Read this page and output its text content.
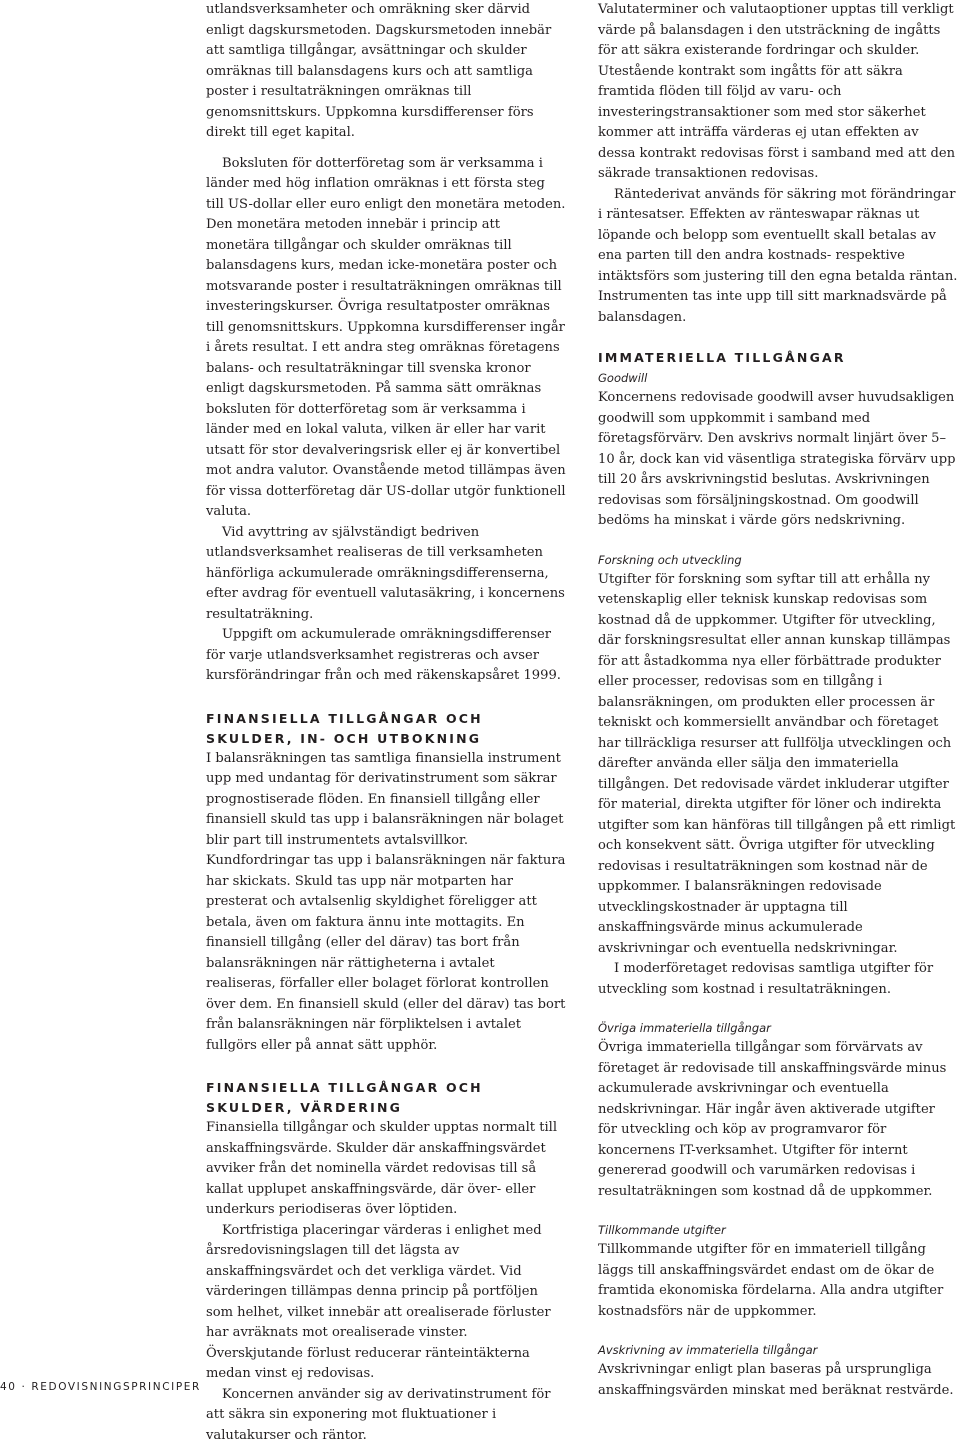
utlandsverksamheter och omräkning sker därvid enligt dagskursmetoden. Dagskursmetoden innebär att samtliga tillgångar, avsättningar och skulder omräknas till balansdagens kurs och att samtliga poster i resultaträkningen omräknas till genomsnittskurs. Uppkomna kursdifferenser förs direkt till eget kapital.

Boksluten för dotterföretag som är verksamma i länder med hög inflation omräknas i ett första steg till US-dollar eller euro enligt den monetära metoden. Den monetära metoden innebär i princip att monetära tillgångar och skulder omräknas till balansdagens kurs, medan icke-monetära poster och motsvarande poster i resultaträkningen omräknas till investeringskurser. Övriga resultatposter omräknas till genomsnittskurs. Uppkomna kursdifferenser ingår i årets resultat. I ett andra steg omräknas företagens balans- och resultaträkningar till svenska kronor enligt dagskursmetoden. På samma sätt omräknas boksluten för dotterföretag som är verksamma i länder med en lokal valuta, vilken är eller har varit utsatt för stor devalveringsrisk eller ej är konvertibel mot andra valutor. Ovanstående metod tillämpas även för vissa dotterföretag där US-dollar utgör funktionell valuta.

Vid avyttring av självständigt bedriven utlandsverksamhet realiseras de till verksamheten hänförliga ackumulerade omräkningsdifferenserna, efter avdrag för eventuell valutasäkring, i koncernens resultaträkning.

Uppgift om ackumulerade omräkningsdifferenser för varje utlandsverksamhet registreras och avser kursförändringar från och med räkenskapsåret 1999.

FINANSIELLA TILLGÅNGAR OCH SKULDER, IN- OCH UTBOKNING

I balansräkningen tas samtliga finansiella instrument upp med undantag för derivatinstrument som säkrar prognostiserade flöden. En finansiell tillgång eller finansiell skuld tas upp i balansräkningen när bolaget blir part till instrumentets avtalsvillkor. Kundfordringar tas upp i balansräkningen när faktura har skickats. Skuld tas upp när motparten har presterat och avtalsenlig skyldighet föreligger att betala, även om faktura ännu inte mottagits. En finansiell tillgång (eller del därav) tas bort från balansräkningen när rättigheterna i avtalet realiseras, förfaller eller bolaget förlorat kontrollen över dem. En finansiell skuld (eller del därav) tas bort från balansräkningen när förpliktelsen i avtalet fullgörs eller på annat sätt upphör.

FINANSIELLA TILLGÅNGAR OCH SKULDER, VÄRDERING

Finansiella tillgångar och skulder upptas normalt till anskaffningsvärde. Skulder där anskaffningsvärdet avviker från det nominella värdet redovisas till så kallat upplupet anskaffningsvärde, där över- eller underkurs periodiseras över löptiden.

Kortfristiga placeringar värderas i enlighet med årsredovisningslagen till det lägsta av anskaffningsvärdet och det verkliga värdet. Vid värderingen tillämpas denna princip på portföljen som helhet, vilket innebär att orealiserade förluster har avräknats mot orealiserade vinster. Överskjutande förlust reducerar ränteintäkterna medan vinst ej redovisas.

Koncernen använder sig av derivatinstrument för att säkra sin exponering mot fluktuationer i valutakurser och räntor.

Valutaterminer och valutaoptioner upptas till verkligt värde på balansdagen i den utsträckning de ingåtts för att säkra existerande fordringar och skulder. Utestående kontrakt som ingåtts för att säkra framtida flöden till följd av varu- och investeringstransaktioner som med stor säkerhet kommer att inträffa värderas ej utan effekten av dessa kontrakt redovisas först i samband med att den säkrade transaktionen redovisas.

Räntederivat används för säkring mot förändringar i räntesatser. Effekten av ränteswapar räknas ut löpande och belopp som eventuellt skall betalas av ena parten till den andra kostnads- respektive intäktsförs som justering till den egna betalda räntan. Instrumenten tas inte upp till sitt marknadsvärde på balansdagen.

IMMATERIELLA TILLGÅNGAR

Goodwill

Koncernens redovisade goodwill avser huvudsakligen goodwill som uppkommit i samband med företagsförvärv. Den avskrivs normalt linjärt över 5–10 år, dock kan vid väsentliga strategiska förvärv upp till 20 års avskrivningstid beslutas. Avskrivningen redovisas som försäljningskostnad. Om goodwill bedöms ha minskat i värde görs nedskrivning.

Forskning och utveckling

Utgifter för forskning som syftar till att erhålla ny vetenskaplig eller teknisk kunskap redovisas som kostnad då de uppkommer. Utgifter för utveckling, där forskningsresultat eller annan kunskap tillämpas för att åstadkomma nya eller förbättrade produkter eller processer, redovisas som en tillgång i balansräkningen, om produkten eller processen är tekniskt och kommersiellt användbar och företaget har tillräckliga resurser att fullfölja utvecklingen och därefter använda eller sälja den immateriella tillgången. Det redovisade värdet inkluderar utgifter för material, direkta utgifter för löner och indirekta utgifter som kan hänföras till tillgången på ett rimligt och konsekvent sätt. Övriga utgifter för utveckling redovisas i resultaträkningen som kostnad när de uppkommer. I balansräkningen redovisade utvecklingskostnader är upptagna till anskaffningsvärde minus ackumulerade avskrivningar och eventuella nedskrivningar.

I moderföretaget redovisas samtliga utgifter för utveckling som kostnad i resultaträkningen.

Övriga immateriella tillgångar

Övriga immateriella tillgångar som förvärvats av företaget är redovisade till anskaffningsvärde minus ackumulerade avskrivningar och eventuella nedskrivningar. Här ingår även aktiverade utgifter för utveckling och köp av programvaror för koncernens IT-verksamhet. Utgifter för internt genererad goodwill och varumärken redovisas i resultaträkningen som kostnad då de uppkommer.

Tillkommande utgifter

Tillkommande utgifter för en immateriell tillgång läggs till anskaffningsvärdet endast om de ökar de framtida ekonomiska fördelarna. Alla andra utgifter kostnadsförs när de uppkommer.

Avskrivning av immateriella tillgångar

Avskrivningar enligt plan baseras på ursprungliga anskaffningsvärden minskat med beräknat restvärde.

40 · REDOVISNINGSPRINCIPER
